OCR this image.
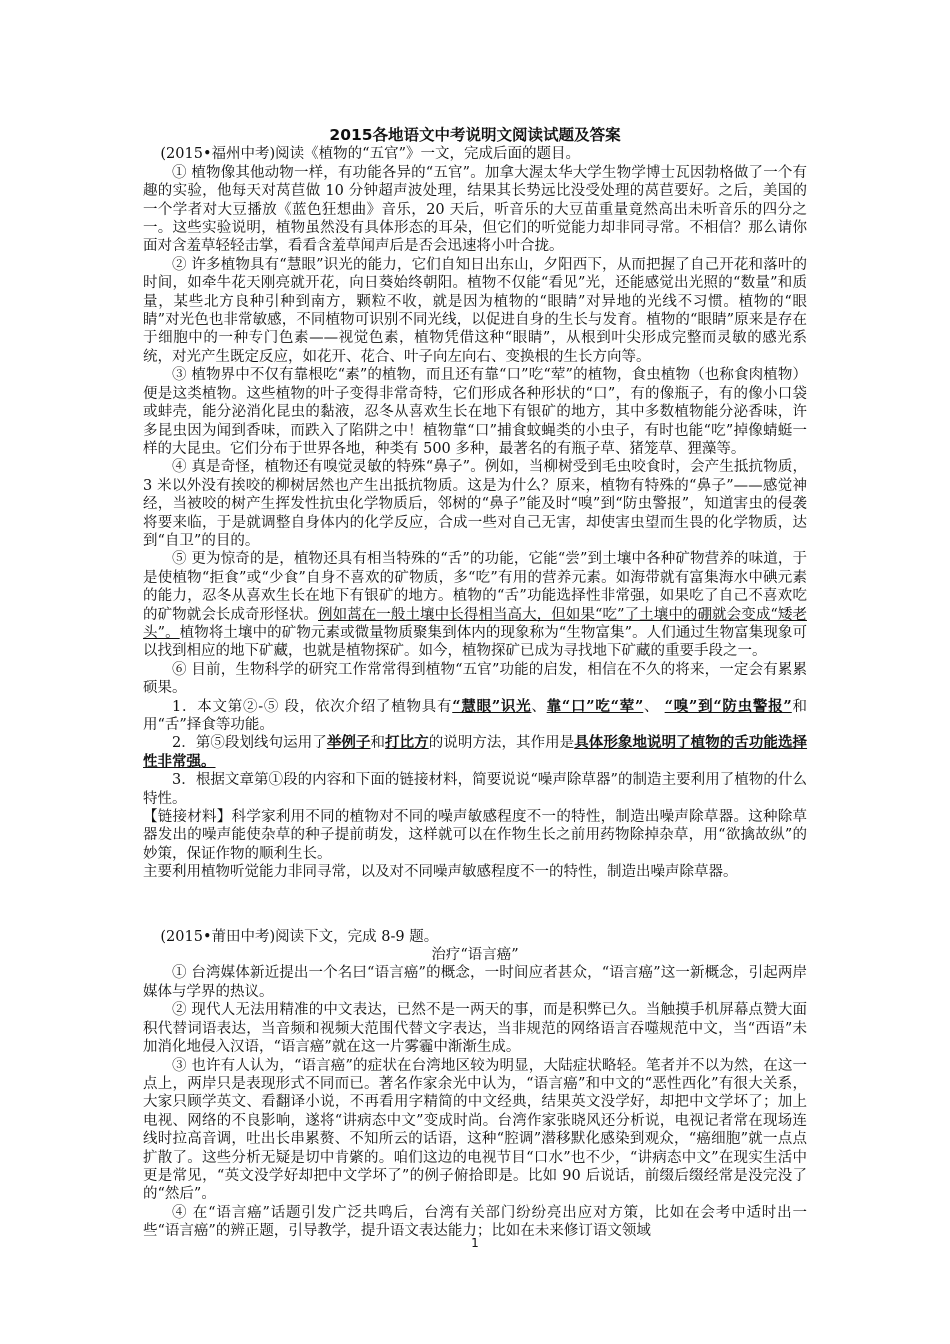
2015各地语文中考说明文阅读试题及答案

(2015•福州中考)阅读《植物的“五官”》一文，完成后面的题目。

① 植物像其他动物一样，有功能各异的“五官”。加拿大渥太华大学生物学博士瓦因勃格做了一个有趣的实验，他每天对莴苣做 10 分钟超声波处理，结果其长势远比没受处理的莴苣要好。之后，美国的一个学者对大豆播放《蓝色狂想曲》音乐，20 天后，听音乐的大豆苗重量竟然高出未听音乐的四分之一。这些实验说明，植物虽然没有具体形态的耳朵，但它们的听觉能力却非同寻常。不相信？那么请你面对含羞草轻轻击掌，看看含羞草闻声后是否会迅速将小叶合拢。

② 许多植物具有“慧眼”识光的能力，它们自知日出东山，夕阳西下，从而把握了自己开花和落叶的时间，如牵牛花天刚亮就开花，向日葵始终朝阳。植物不仅能“看见”光，还能感觉出光照的“数量”和质量，某些北方良种引种到南方，颗粒不收，就是因为植物的“眼睛”对异地的光线不习惯。植物的“眼睛”对光色也非常敏感，不同植物可识别不同光线，以促进自身的生长与发育。植物的“眼睛”原来是存在于细胞中的一种专门色素——视觉色素，植物凭借这种“眼睛”，从根到叶尖形成完整而灵敏的感光系统，对光产生既定反应，如花开、花合、叶子向左向右、变换根的生长方向等。

③ 植物界中不仅有靠根吃“素”的植物，而且还有靠“口”吃“荤”的植物，食虫植物（也称食肉植物）便是这类植物。这些植物的叶子变得非常奇特，它们形成各种形状的“口”，有的像瓶子，有的像小口袋或蚌壳，能分泌消化昆虫的黏液，忍冬从喜欢生长在地下有银矿的地方，其中多数植物能分泌香味，许多昆虫因为闻到香味，而跌入了陷阱之中！植物靠“口”捕食蚊蝇类的小虫子，有时也能“吃”掉像蜻蜓一样的大昆虫。它们分布于世界各地，种类有 500 多种，最著名的有瓶子草、猪笼草、狸藻等。

④ 真是奇怪，植物还有嗅觉灵敏的特殊“鼻子”。例如，当柳树受到毛虫咬食时，会产生抵抗物质，3 米以外没有挨咬的柳树居然也产生出抵抗物质。这是为什么？原来，植物有特殊的“鼻子”——感觉神经，当被咬的树产生挥发性抗虫化学物质后，邻树的“鼻子”能及时“嗅”到“防虫警报”，知道害虫的侵袭将要来临，于是就调整自身体内的化学反应，合成一些对自己无害，却使害虫望而生畏的化学物质，达到“自卫”的目的。

⑤ 更为惊奇的是，植物还具有相当特殊的“舌”的功能，它能“尝”到土壤中各种矿物营养的味道，于是使植物“拒食”或“少食”自身不喜欢的矿物质，多“吃”有用的营养元素。如海带就有富集海水中碘元素的能力，忍冬从喜欢生长在地下有银矿的地方。植物的“舌”功能选择性非常强，如果吃了自己不喜欢吃的矿物就会长成奇形怪状。例如蒿在一般土壤中长得相当高大，但如果“吃”了土壤中的硼就会变成“矮老头”。植物将土壤中的矿物元素或微量物质聚集到体内的现象称为“生物富集”。人们通过生物富集现象可以找到相应的地下矿藏，也就是植物探矿。如今，植物探矿已成为寻找地下矿藏的重要手段之一。

⑥ 目前，生物科学的研究工作常常得到植物“五官”功能的启发，相信在不久的将来，一定会有累累硕果。

1．本文第②-⑤ 段，依次介绍了植物具有“慧眼”识光、靠“口”吃“荤”、 “嗅”到“防虫警报”和用“舌”择食等功能。

2．第⑤段划线句运用了举例子和打比方的说明方法，其作用是具体形象地说明了植物的舌功能选择性非常强。

3．根据文章第①段的内容和下面的链接材料，简要说说“噪声除草器”的制造主要利用了植物的什么特性。

【链接材料】科学家利用不同的植物对不同的噪声敏感程度不一的特性，制造出噪声除草器。这种除草器发出的噪声能使杂草的种子提前萌发，这样就可以在作物生长之前用药物除掉杂草，用“欲擒故纵”的妙策，保证作物的顺利生长。

主要利用植物听觉能力非同寻常，以及对不同噪声敏感程度不一的特性，制造出噪声除草器。

(2015•莆田中考)阅读下文，完成 8-9 题。

治疗“语言癌”

① 台湾媒体新近提出一个名曰“语言癌”的概念，一时间应者甚众，“语言癌”这一新概念，引起两岸媒体与学界的热议。

② 现代人无法用精准的中文表达，已然不是一两天的事，而是积弊已久。当触摸手机屏幕点赞大面积代替词语表达，当音频和视频大范围代替文字表达，当非规范的网络语言吞噬规范中文，当“西语”未加消化地侵入汉语，“语言癌”就在这一片雾霾中渐渐生成。

③ 也许有人认为，“语言癌”的症状在台湾地区较为明显，大陆症状略轻。笔者并不以为然，在这一点上，两岸只是表现形式不同而已。著名作家余光中认为，“语言癌”和中文的“恶性西化”有很大关系，大家只顾学英文、看翻译小说，不再看用字精简的中文经典，结果英文没学好，却把中文学坏了；加上电视、网络的不良影响，遂将“讲病态中文”变成时尚。台湾作家张晓风还分析说，电视记者常在现场连线时拉高音调，吐出长串累赘、不知所云的话语，这种“腔调”潜移默化感染到观众，“癌细胞”就一点点扩散了。这些分析无疑是切中肯綮的。咱们这边的电视节目“口水”也不少，“讲病态中文”在现实生活中更是常见，“英文没学好却把中文学坏了”的例子俯拾即是。比如 90 后说话，前缀后缀经常是没完没了的“然后”。

④ 在“语言癌”话题引发广泛共鸣后，台湾有关部门纷纷亮出应对方策，比如在会考中适时出一些“语言癌”的辨正题，引导教学，提升语文表达能力；比如在未来修订语文领域

1
